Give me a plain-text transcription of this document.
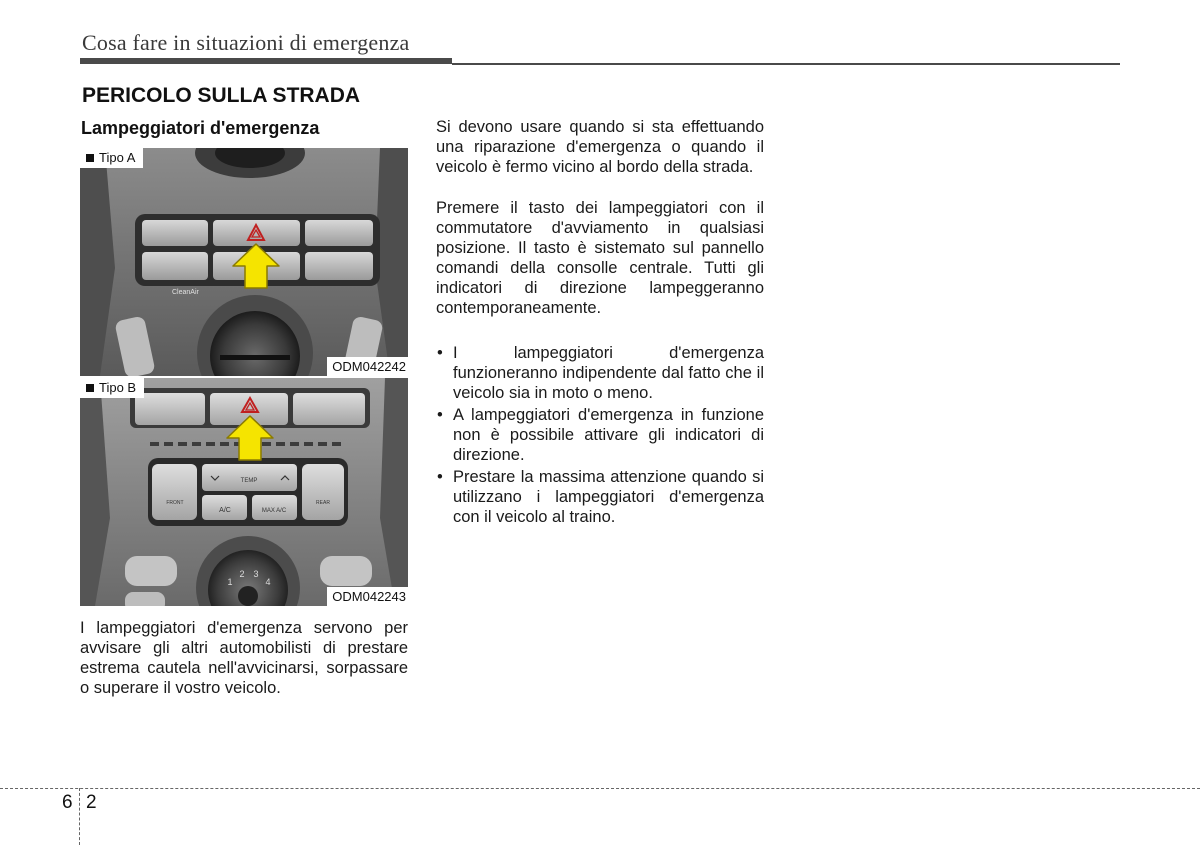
Cosa fare in situazioni di emergenza
PERICOLO SULLA STRADA
Lampeggiatori d'emergenza
CleanAir
Tipo A
ODM042242
TEMP
A/C	MAX A/C
FRONT	REAR
1
2 3
4
Tipo B
ODM042243
I lampeggiatori d'emergenza servono per avvisare gli altri automobilisti di prestare estrema cautela nell'avvicinarsi, sorpassare o superare il vostro veicolo.
Si devono usare quando si sta effettuando una riparazione d'emergenza o quando il veicolo è fermo vicino al bordo della strada.
Premere il tasto dei lampeggiatori con il commutatore d'avviamento in qualsiasi posizione. Il tasto è sistemato sul pannello comandi della consolle centrale. Tutti gli indicatori di direzione lampeggeranno contemporaneamente.
• I lampeggiatori d'emergenza funzioneranno indipendente dal fatto che il veicolo sia in moto o meno.
• A lampeggiatori d'emergenza in funzione non è possibile attivare gli indicatori di direzione.
• Prestare la massima attenzione quando si utilizzano i lampeggiatori d'emergenza con il veicolo al traino.
6 2
